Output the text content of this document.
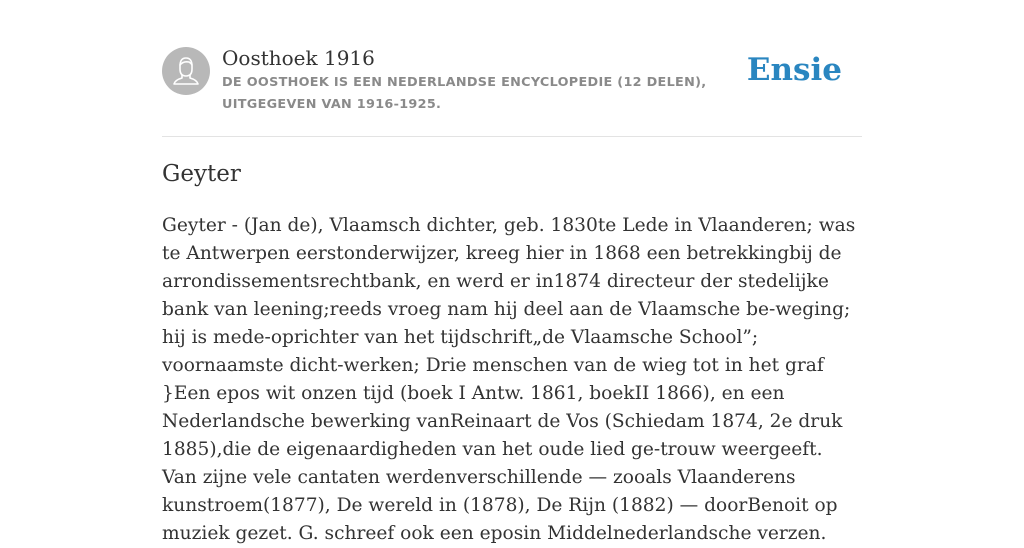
Oosthoek 1916
DE OOSTHOEK IS EEN NEDERLANDSE ENCYCLOPEDIE (12 DELEN), UITGEGEVEN VAN 1916-1925.
Ensie
Geyter

Geyter - (Jan de), Vlaamsch dichter, geb. 1830te Lede in Vlaanderen; was te Antwerpen eerstonderwijzer, kreeg hier in 1868 een betrekkingbij de arrondissementsrechtbank, en werd er in1874 directeur der stedelijke bank van leening;reeds vroeg nam hij deel aan de Vlaamsche be-weging; hij is mede-oprichter van het tijdschrift„de Vlaamsche School”; voornaamste dicht-werken; Drie menschen van de wieg tot in het graf }Een epos wit onzen tijd (boek I Antw. 1861, boekII 1866), en een Nederlandsche bewerking vanReinaart de Vos (Schiedam 1874, 2e druk 1885),die de eigenaardigheden van het oude lied ge-trouw weergeeft. Van zijne vele cantaten werdenverschillende — zooals Vlaanderens kunstroem(1877), De wereld in (1878), De Rijn (1882) — doorBenoit op muziek gezet. G. schreef ook een eposin Middelnederlandsche verzen.
